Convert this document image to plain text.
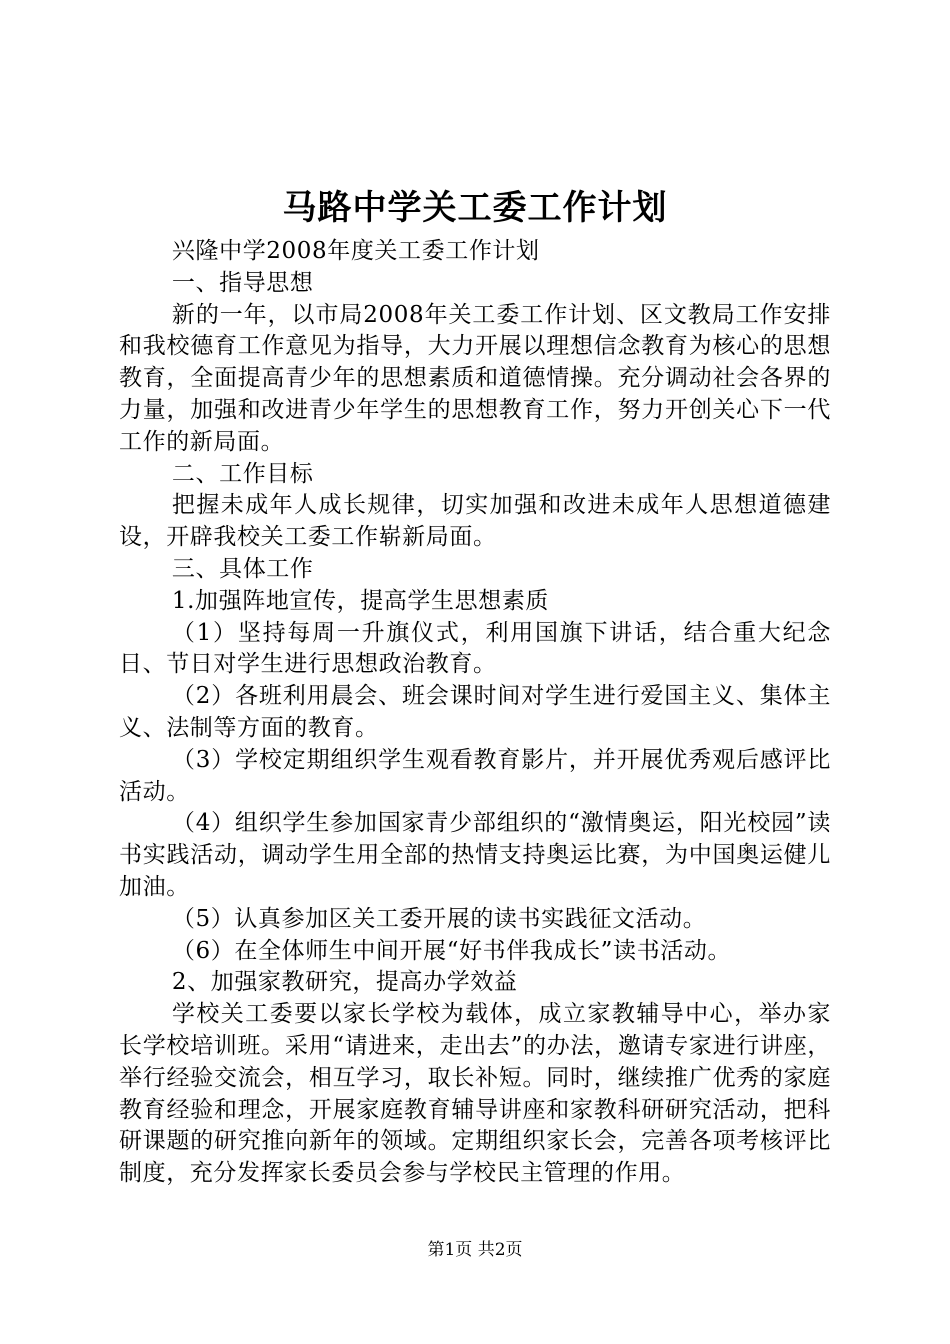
马路中学关工委工作计划

兴隆中学2008年度关工委工作计划

一、指导思想

新的一年，以市局2008年关工委工作计划、区文教局工作安排和我校德育工作意见为指导，大力开展以理想信念教育为核心的思想教育，全面提高青少年的思想素质和道德情操。充分调动社会各界的力量，加强和改进青少年学生的思想教育工作，努力开创关心下一代工作的新局面。

二、工作目标

把握未成年人成长规律，切实加强和改进未成年人思想道德建设，开辟我校关工委工作崭新局面。

三、具体工作

1.加强阵地宣传，提高学生思想素质

（1）坚持每周一升旗仪式，利用国旗下讲话，结合重大纪念日、节日对学生进行思想政治教育。

（2）各班利用晨会、班会课时间对学生进行爱国主义、集体主义、法制等方面的教育。

（3）学校定期组织学生观看教育影片，并开展优秀观后感评比活动。

（4）组织学生参加国家青少部组织的“激情奥运，阳光校园”读书实践活动，调动学生用全部的热情支持奥运比赛，为中国奥运健儿加油。

（5）认真参加区关工委开展的读书实践征文活动。

（6）在全体师生中间开展“好书伴我成长”读书活动。

2、加强家教研究，提高办学效益

学校关工委要以家长学校为载体，成立家教辅导中心，举办家长学校培训班。采用“请进来，走出去”的办法，邀请专家进行讲座，举行经验交流会，相互学习，取长补短。同时，继续推广优秀的家庭教育经验和理念，开展家庭教育辅导讲座和家教科研研究活动，把科研课题的研究推向新年的领域。定期组织家长会，完善各项考核评比制度，充分发挥家长委员会参与学校民主管理的作用。

第1页 共2页
